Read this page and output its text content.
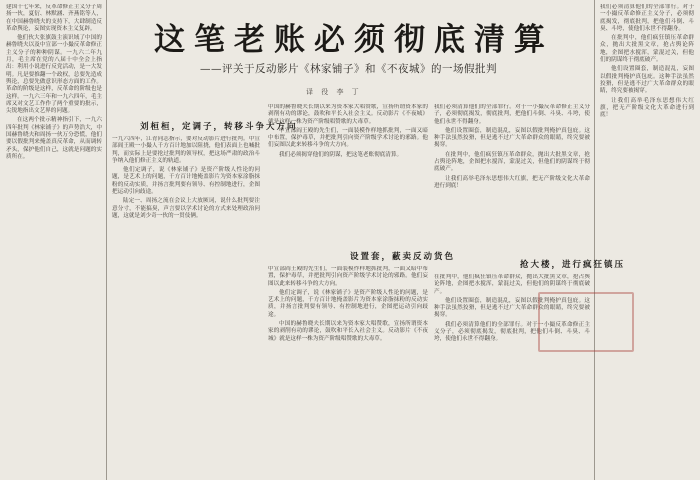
这笔老账必须彻底清算
——评关于反动影片《林家铺子》和《不夜城》的一场假批判
译 役 李 丁

建国十七年来，反革命修正主义分子周扬一伙，夏衍、林默涵、齐燕铭等人，在中国赫鲁晓夫的支持下，大肆制造反革命舆论，妄图实现资本主义复辟。

他们伙大张旗鼓主演识域了中国的赫鲁晓夫以及中宣部一小撮反革命修正主义分子的种种阴谋。一九六二年九月，毛主席在党的八届十中全会上指出：利用小说进行反党活动，是一大发明。凡是要推翻一个政权，总要先造成舆论，总要先做意识形态方面的工作。革命的阶级是这样，反革命的阶级也是这样。一九六三年和一九六四年，毛主席又对文艺工作作了两个重要的批示，尖锐地指出文艺界的问题。

在这两个批示精神指引下，一九六四年批判《林家铺子》的声势浩大，中国赫鲁晓夫和周扬一伙万分恐慌，他们要以假批判来掩盖真反革命，从而调转矛头，保护他们自己，这就是问题的实质所在。

刘桓桓，定调子，转移斗争大方向

一九六四年，江青同志指示，要对反动影片进行批判。中宣部阎王殿一小撮人千方百计地加以阻挠，他们表面上也喊批判，而实际上是要抢过批判的领导权，把这场严肃的政治斗争纳入他们修正主义的轨道。

他们定调子，说《林家铺子》是资产阶级人性论的问题，是艺术上的问题，千方百计地掩盖影片为资本家涂脂抹粉的反动实质，并扬言批判要有领导、有控制地进行，企图把运动引向歧途。

陆定一、周扬之流在会议上大放厥词，说什么批判要注意分寸，不能搞臭，声言要以学术讨论的方式来处理政治问题，这就是刘少奇一伙的一贯伎俩。

设置套，蔽卖反动货色

中国的赫鲁晓夫长期以来为资本家大唱赞歌，宣扬所谓资本家的剥削有功的谬论，鼓吹和平长入社会主义。反动影片《不夜城》就是这样一株为资产阶级唱赞歌的大毒草。

中宣部阎王殿的先生们，一面装模作样地抓批判，一面又暗中布置，保护毒草，并把批判引向资产阶级学术讨论的邪路。他们妄图以此来转移斗争的大方向。

我们必须揭穿他们的阴谋，把这笔老账彻底清算。

抢大楼，进行疯狂镇压

我们必须清算他们的全部罪行。对于一小撮反革命修正主义分子，必须彻底揭发，彻底批判，把他们斗倒、斗臭、斗垮，使他们永世不得翻身。

他们设置圈套，制造混乱，妄图以假批判掩护真包庇。这种手法虽然狡猾，但是逃不过广大革命群众的眼睛，终究要被揭穿。

在批判中，他们疯狂镇压革命群众，抛出大批黑文章，抢占舆论阵地，企图把水搅浑，蒙混过关，但他们的阴谋终于彻底破产。

让我们高举毛泽东思想伟大红旗，把无产阶级文化大革命进行到底！

中宣部阎王殿的先生们，一面装模作样地抓批判，一面又暗中布置，保护毒草，并把批判引向资产阶级学术讨论的邪路。他们妄图以此来转移斗争的大方向。

他们定调子，说《林家铺子》是资产阶级人性论的问题，是艺术上的问题，千方百计地掩盖影片为资本家涂脂抹粉的反动实质，并扬言批判要有领导、有控制地进行，企图把运动引向歧途。

中国的赫鲁晓夫长期以来为资本家大唱赞歌，宣扬所谓资本家的剥削有功的谬论，鼓吹和平长入社会主义。反动影片《不夜城》就是这样一株为资产阶级唱赞歌的大毒草。

在批判中，他们疯狂镇压革命群众，抛出大批黑文章，抢占舆论阵地，企图把水搅浑，蒙混过关，但他们的阴谋终于彻底破产。

他们设置圈套，制造混乱，妄图以假批判掩护真包庇。这种手法虽然狡猾，但是逃不过广大革命群众的眼睛，终究要被揭穿。

我们必须清算他们的全部罪行。对于一小撮反革命修正主义分子，必须彻底揭发，彻底批判，把他们斗倒、斗臭、斗垮，使他们永世不得翻身。

我们必须清算他们的全部罪行。对于一小撮反革命修正主义分子，必须彻底揭发，彻底批判，把他们斗倒、斗臭、斗垮，使他们永世不得翻身。

在批判中，他们疯狂镇压革命群众，抛出大批黑文章，抢占舆论阵地，企图把水搅浑，蒙混过关，但他们的阴谋终于彻底破产。

他们设置圈套，制造混乱，妄图以假批判掩护真包庇。这种手法虽然狡猾，但是逃不过广大革命群众的眼睛，终究要被揭穿。

让我们高举毛泽东思想伟大红旗，把无产阶级文化大革命进行到底！
